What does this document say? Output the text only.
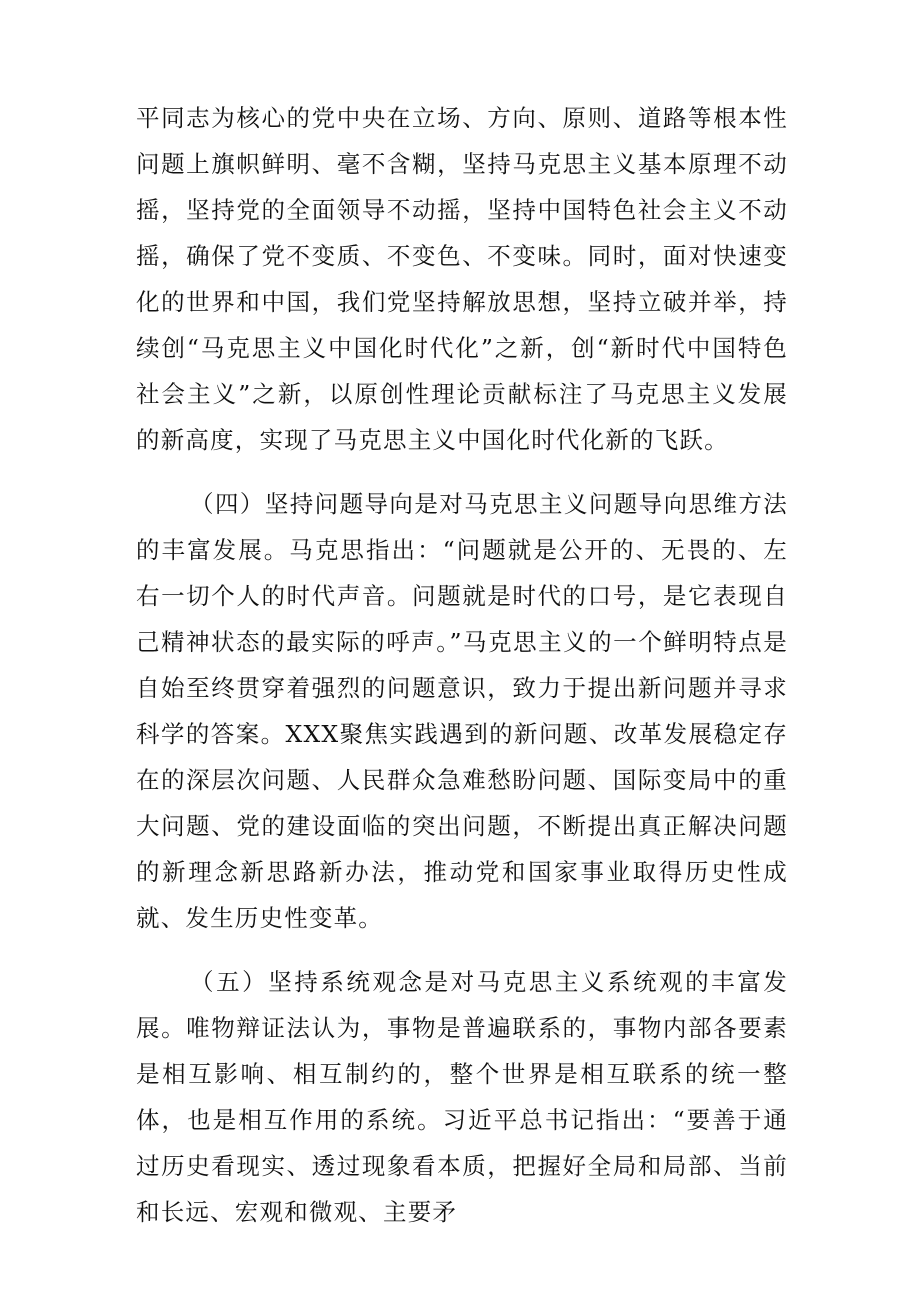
平同志为核心的党中央在立场、方向、原则、道路等根本性问题上旗帜鲜明、毫不含糊，坚持马克思主义基本原理不动摇，坚持党的全面领导不动摇，坚持中国特色社会主义不动摇，确保了党不变质、不变色、不变味。同时，面对快速变化的世界和中国，我们党坚持解放思想，坚持立破并举，持续创“马克思主义中国化时代化”之新，创“新时代中国特色社会主义”之新，以原创性理论贡献标注了马克思主义发展的新高度，实现了马克思主义中国化时代化新的飞跃。

（四）坚持问题导向是对马克思主义问题导向思维方法的丰富发展。马克思指出：“问题就是公开的、无畏的、左右一切个人的时代声音。问题就是时代的口号，是它表现自己精神状态的最实际的呼声。”马克思主义的一个鲜明特点是自始至终贯穿着强烈的问题意识，致力于提出新问题并寻求科学的答案。XXX聚焦实践遇到的新问题、改革发展稳定存在的深层次问题、人民群众急难愁盼问题、国际变局中的重大问题、党的建设面临的突出问题，不断提出真正解决问题的新理念新思路新办法，推动党和国家事业取得历史性成就、发生历史性变革。

（五）坚持系统观念是对马克思主义系统观的丰富发展。唯物辩证法认为，事物是普遍联系的，事物内部各要素是相互影响、相互制约的，整个世界是相互联系的统一整体，也是相互作用的系统。习近平总书记指出：“要善于通过历史看现实、透过现象看本质，把握好全局和局部、当前和长远、宏观和微观、主要矛
